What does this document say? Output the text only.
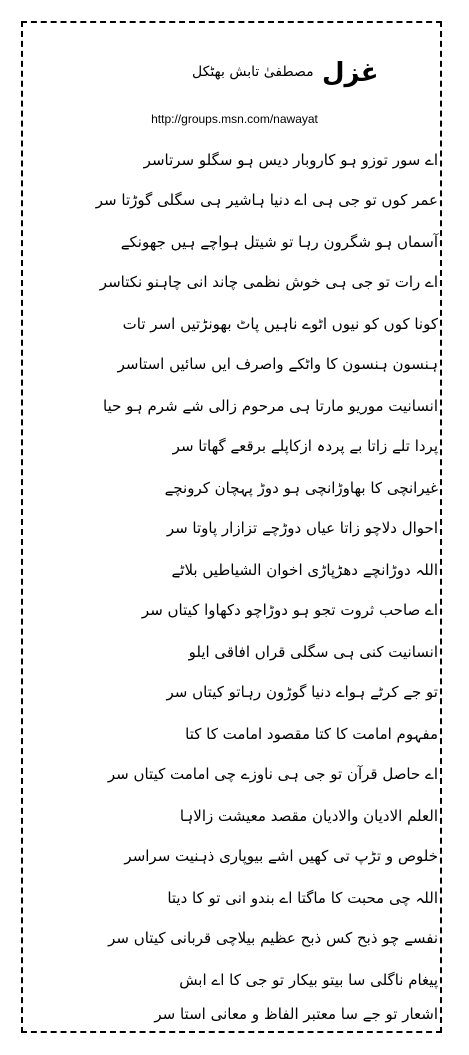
غزل
مصطفیٰ تابش بھٹکل
http://groups.msn.com/nawayat
اے سور توزو ہو کاروبار دیس ہو سگلو سرتاسر
عمر کوں تو جی ہی اے دنیا ہاشیر ہی سگلی گوڑتا سر
آسماں ہو شگرون رہا تو شیتل ہواچے ہیں جھونکے
اے رات تو جی ہی خوش نظمی چاند انی چاہنو نکتاسر
کونا کوں کو نیوں اٹوے ناہیں پاٹ بھونڑتیں اسر تات
ہنسون ہنسون کا واٹکے واصرف ایں سائیں استاسر
انسانیت موریو مارتا ہی مرحوم زالی شے شرم ہو حیا
پردا تلے زاتا بے پردہ ازکاپلے برقعے گھاتا سر
غیرانچی کا بھاوڑانچی ہو دوڑ پہچان کرونچے
احوال دلاچو زاتا عیاں دوڑچے تزازار پاوتا سر
اللہ دوڑانچے دھڑپاڑی اخوان الشیاطیں بلاٹے
اے صاحب ثروت تجو ہو دوڑاچو دکھاوا کیتاں سر
انسانیت کنی ہی سگلی قراں افاقی ایلو
تو جے کرٹے ہواے دنیا گوڑون رہاتو کیتاں سر
مفہوم امامت کا کتا مقصود امامت کا کتا
اے حاصل قرآن تو جی ہی ناوزے چی امامت کیتاں سر
العلم الادیان والادیان مقصد معیشت زالاہا
خلوص و تڑپ تی کھیں اشے بیوپاری ذہنیت سراسر
اللہ چی محبت کا ماگتا اے بندو انی تو کا دیتا
نفسے چو ذبح کس ذبح عظیم بیلاچی قربانی کیتاں سر
پیغام ناگلی سا بیتو بیکار تو جی کا اے ابش
اشعار تو جے سا معتبر الفاظ و معانی استا سر
